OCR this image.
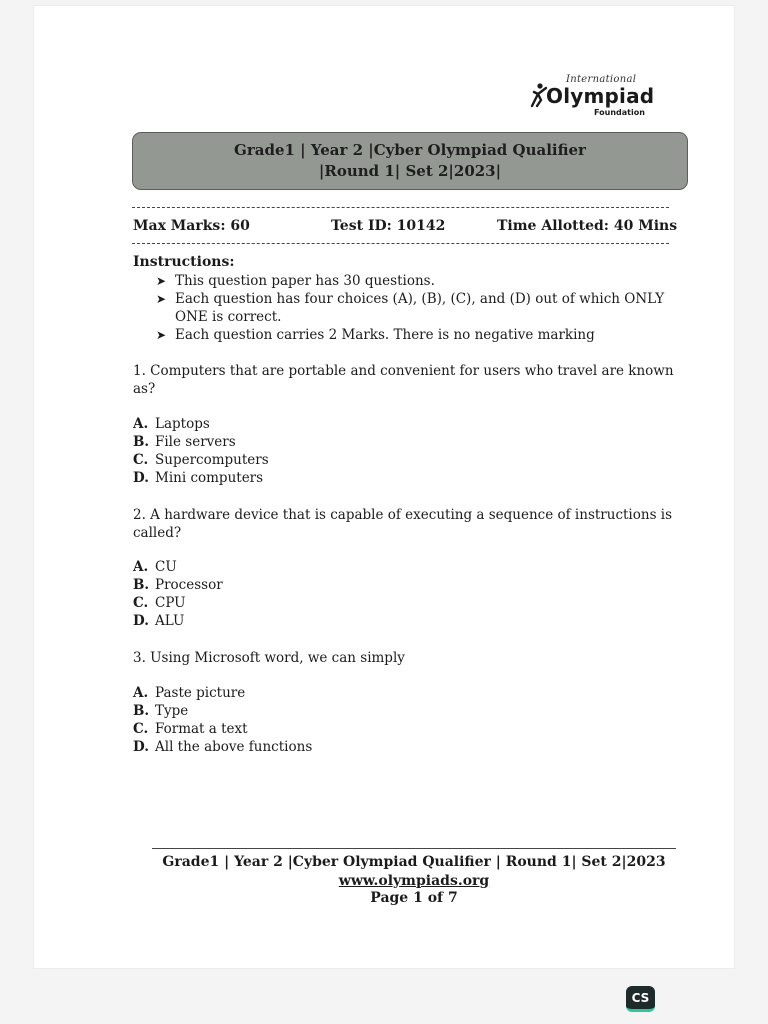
International
Olympiad
Foundation
Grade1 | Year 2 |Cyber Olympiad Qualifier
|Round 1| Set 2|2023|
Max Marks: 60	Test ID: 10142	Time Allotted: 40 Mins
Instructions:
➤ This question paper has 30 questions.
➤ Each question has four choices (A), (B), (C), and (D) out of which ONLY ONE is correct.
➤ Each question carries 2 Marks. There is no negative marking
1. Computers that are portable and convenient for users who travel are known as?
A. Laptops
B. File servers
C. Supercomputers
D. Mini computers
2. A hardware device that is capable of executing a sequence of instructions is called?
A. CU
B. Processor
C. CPU
D. ALU
3. Using Microsoft word, we can simply
A. Paste picture
B. Type
C. Format a text
D. All the above functions
Grade1 | Year 2 |Cyber Olympiad Qualifier | Round 1| Set 2|2023
www.olympiads.org
Page 1 of 7
CS
